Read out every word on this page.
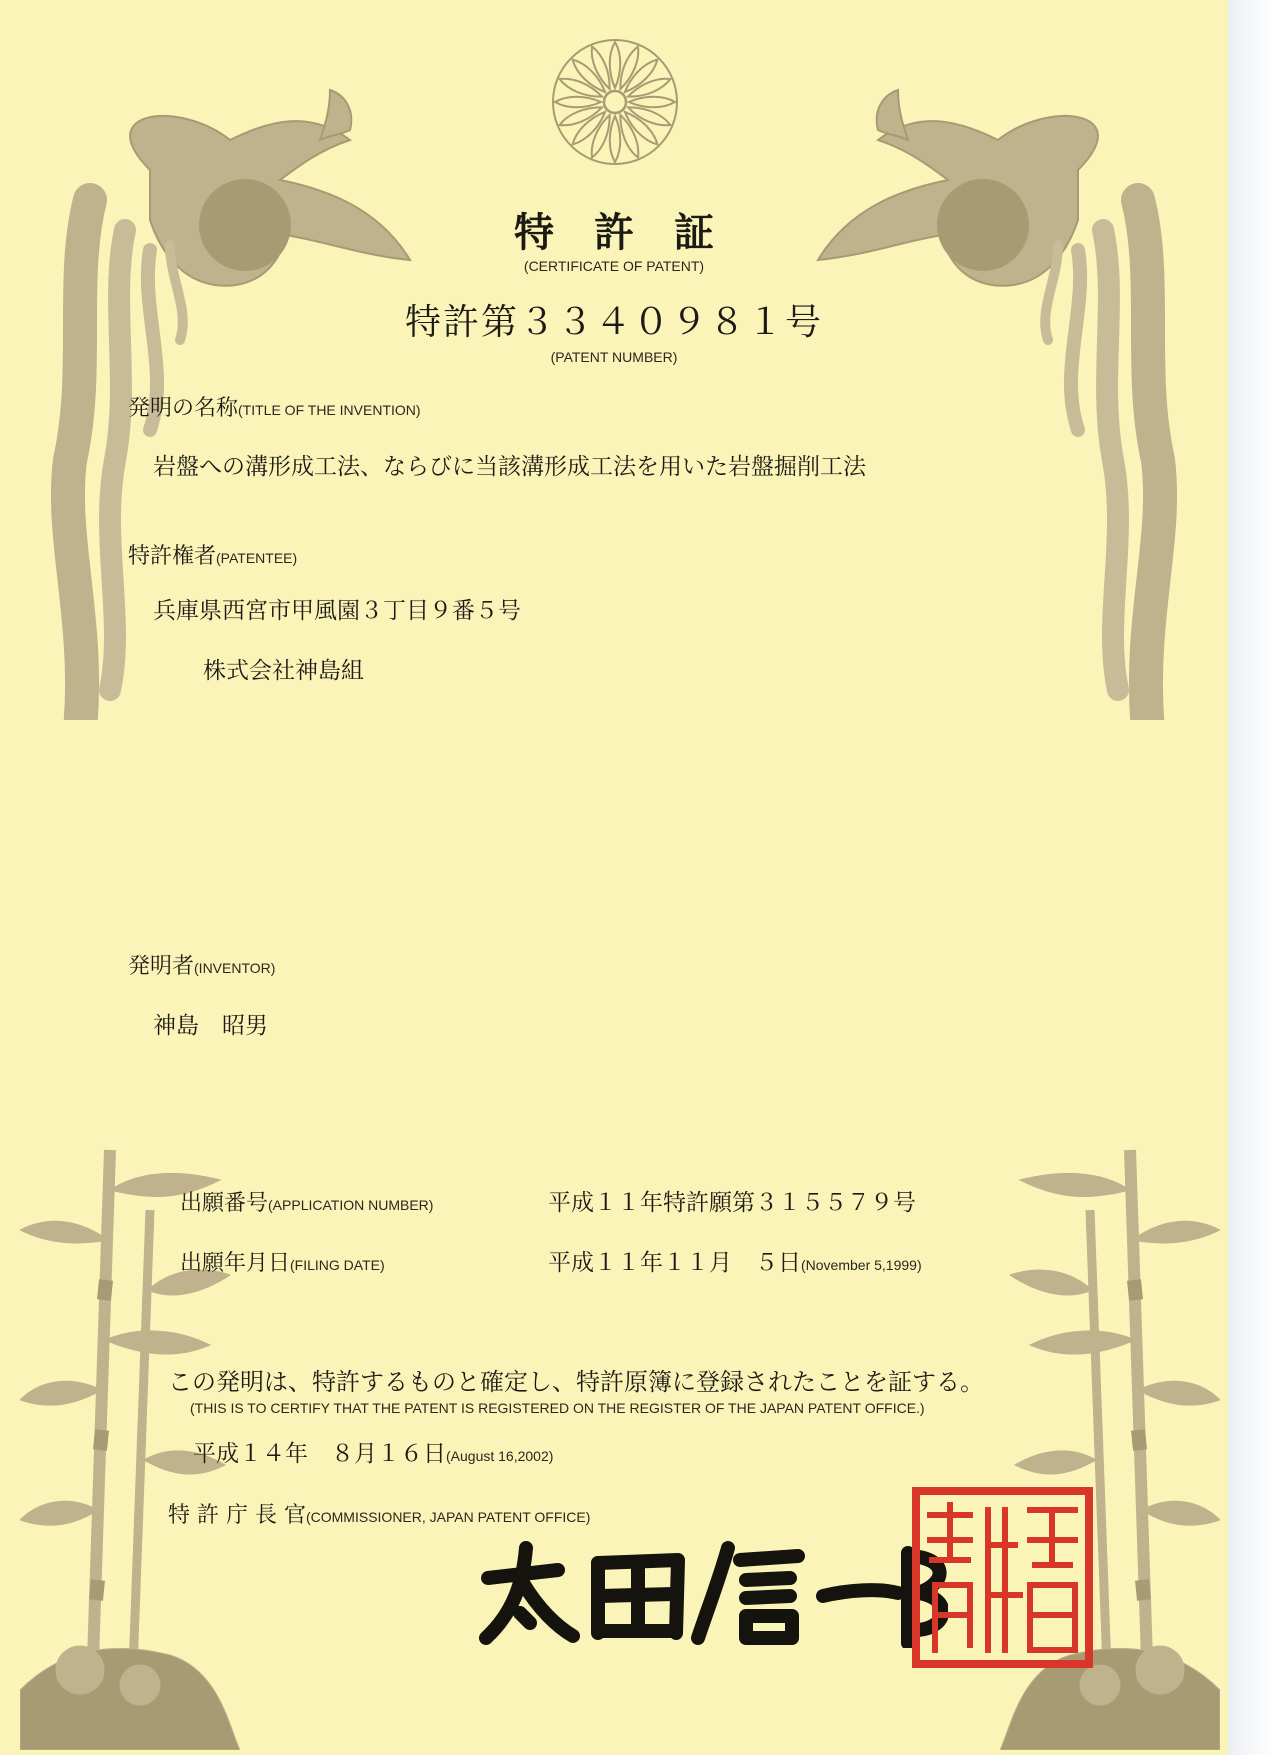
特　許　証
(CERTIFICATE OF PATENT)
特許第３３４０９８１号
(PATENT NUMBER)
発明の名称(TITLE OF THE INVENTION)
岩盤への溝形成工法、ならびに当該溝形成工法を用いた岩盤掘削工法
特許権者(PATENTEE)
兵庫県西宮市甲風園３丁目９番５号
株式会社神島組
発明者(INVENTOR)
神島　昭男
出願番号(APPLICATION NUMBER)	平成１１年特許願第３１５５７９号
出願年月日(FILING DATE)	平成１１年１１月　５日(November 5,1999)
この発明は、特許するものと確定し、特許原簿に登録されたことを証する。
(THIS IS TO CERTIFY THAT THE PATENT IS REGISTERED ON THE REGISTER OF THE JAPAN PATENT OFFICE.)
平成１４年　８月１６日(August 16,2002)
特 許 庁 長 官(COMMISSIONER, JAPAN PATENT OFFICE)
